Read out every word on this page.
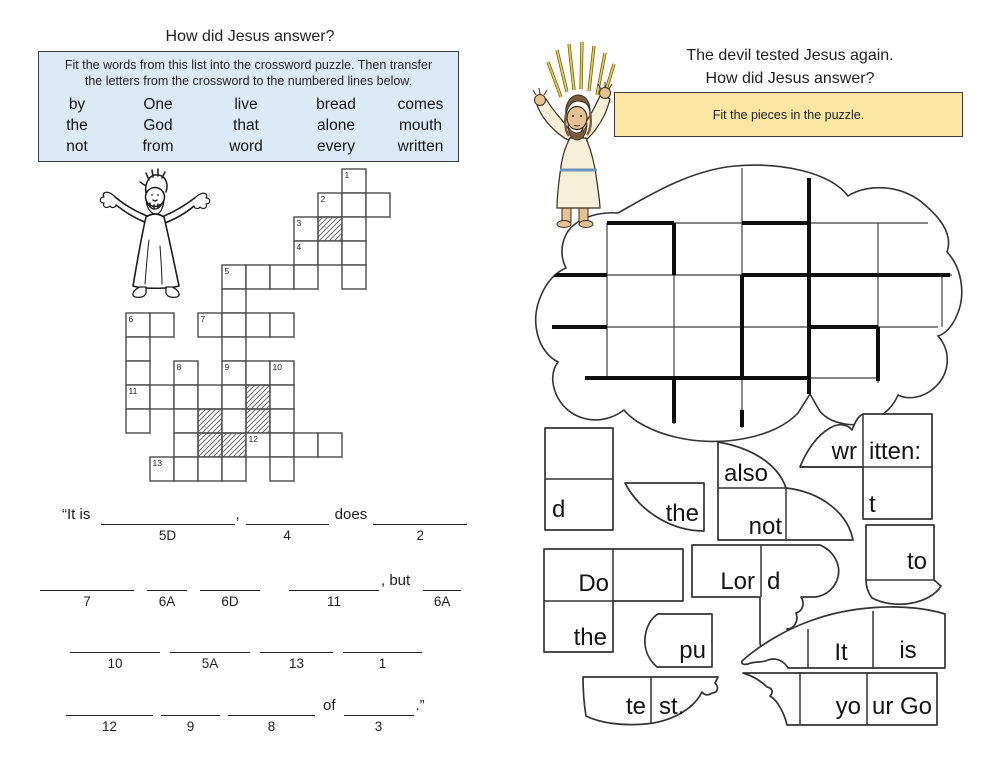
How did Jesus answer?
Fit the words from this list into the crossword puzzle. Then transfer
the letters from the crossword to the numbered lines below.
by	One	live	bread	comes
the	God	that	alone	mouth
not	from	word	every	written
1
2
3
4
5
6	7
8	9	10
11
12
13
“It is
5D
,
4
does
2
7	6A	6D	11
, but
6A
10	5A	13	1
12	9	8
of
3
.”
The devil tested Jesus again.
How did Jesus answer?
Fit the pieces in the puzzle.
d	the
also
not
wr itten:
t
to
Do
the
Lor d
pu	It is
te st.	yo ur Go
